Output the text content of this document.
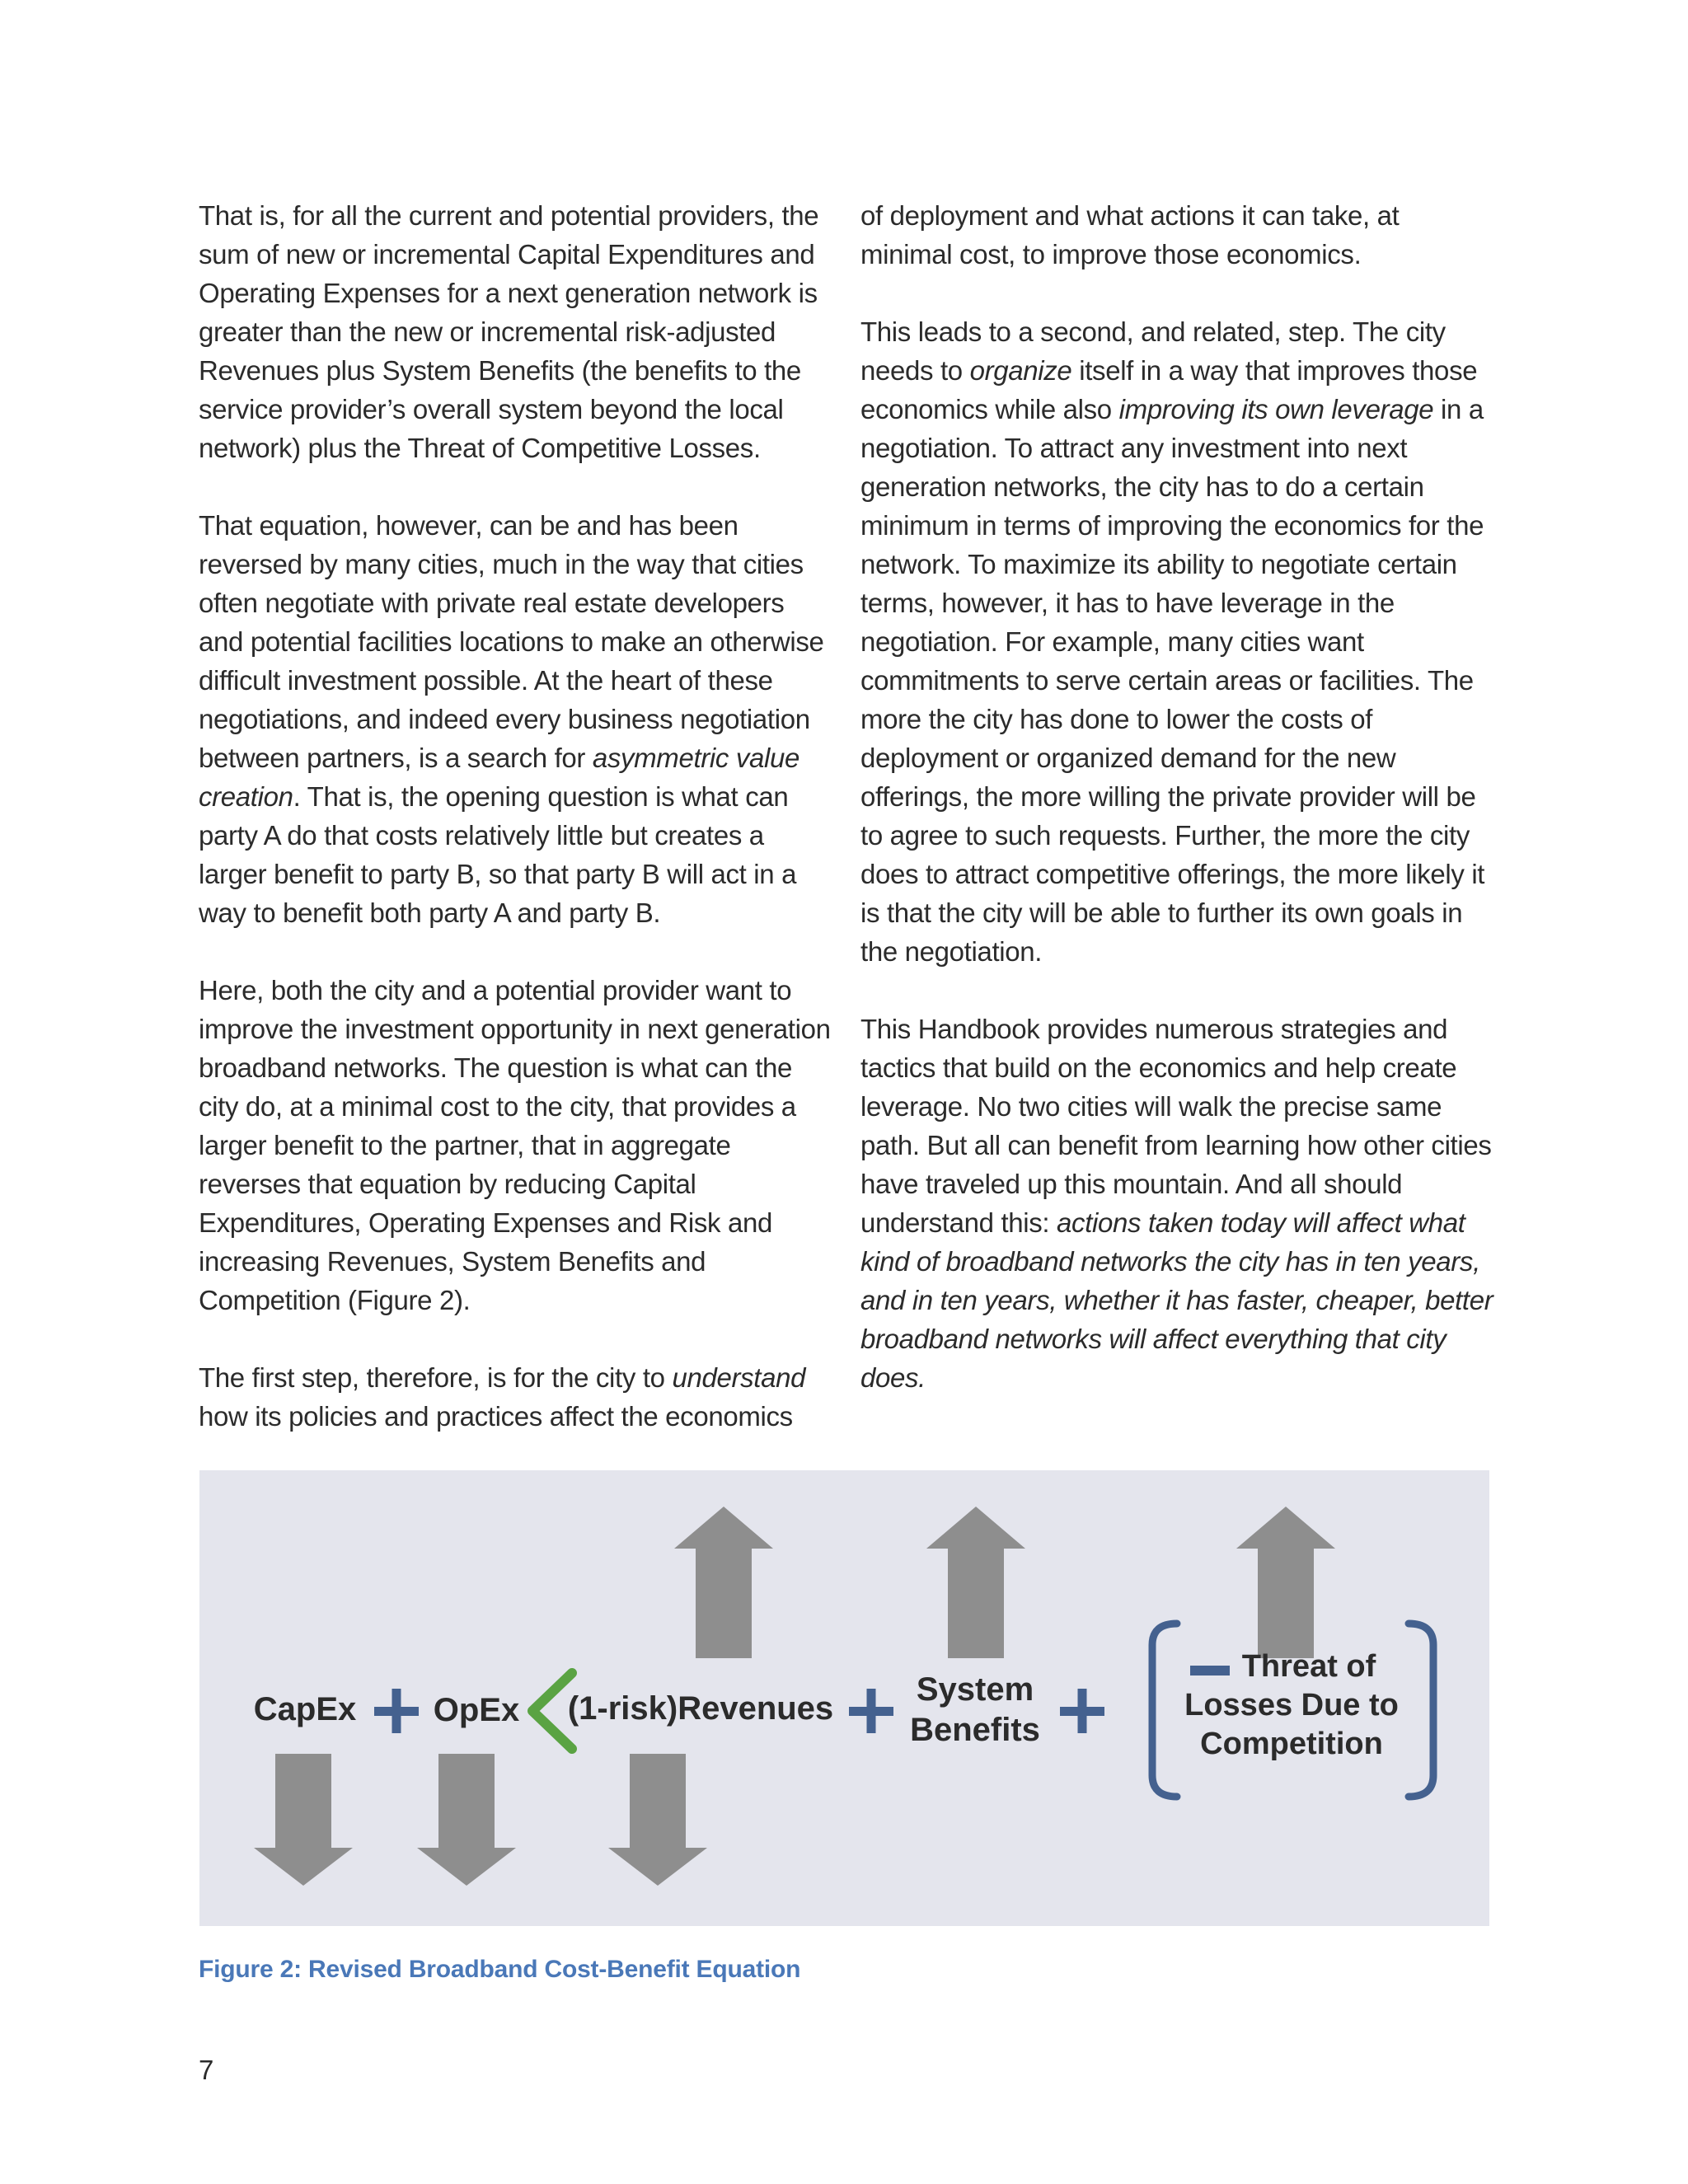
That is, for all the current and potential providers, the sum of new or incremental Capital Expenditures and Operating Expenses for a next generation network is greater than the new or incremental risk-adjusted Revenues plus System Benefits (the benefits to the service provider’s overall system beyond the local network) plus the Threat of Competitive Losses.

That equation, however, can be and has been reversed by many cities, much in the way that cities often negotiate with private real estate developers and potential facilities locations to make an otherwise difficult investment possible. At the heart of these negotiations, and indeed every business negotiation between partners, is a search for asymmetric value creation. That is, the opening question is what can party A do that costs relatively little but creates a larger benefit to party B, so that party B will act in a way to benefit both party A and party B.

Here, both the city and a potential provider want to improve the investment opportunity in next generation broadband networks. The question is what can the city do, at a minimal cost to the city, that provides a larger benefit to the partner, that in aggregate reverses that equation by reducing Capital Expenditures, Operating Expenses and Risk and increasing Revenues, System Benefits and Competition (Figure 2).

The first step, therefore, is for the city to understand how its policies and practices affect the economics

of deployment and what actions it can take, at minimal cost, to improve those economics.

This leads to a second, and related, step. The city needs to organize itself in a way that improves those economics while also improving its own leverage in a negotiation. To attract any investment into next generation networks, the city has to do a certain minimum in terms of improving the economics for the network. To maximize its ability to negotiate certain terms, however, it has to have leverage in the negotiation. For example, many cities want commitments to serve certain areas or facilities. The more the city has done to lower the costs of deployment or organized demand for the new offerings, the more willing the private provider will be to agree to such requests. Further, the more the city does to attract competitive offerings, the more likely it is that the city will be able to further its own goals in the negotiation.

This Handbook provides numerous strategies and tactics that build on the economics and help create leverage. No two cities will walk the precise same path. But all can benefit from learning how other cities have traveled up this mountain. And all should understand this: actions taken today will affect what kind of broadband networks the city has in ten years, and in ten years, whether it has faster, cheaper, better broadband networks will affect everything that city does.

CapEx OpEx (1-risk)Revenues
System
Benefits
Threat of
Losses Due to
Competition
Figure 2: Revised Broadband Cost-Benefit Equation
7
